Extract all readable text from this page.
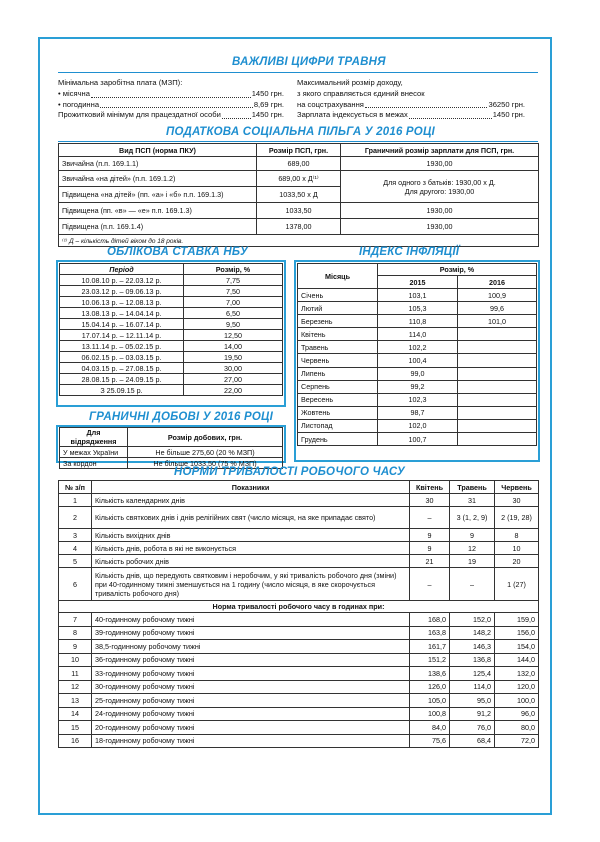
ВАЖЛИВІ ЦИФРИ ТРАВНЯ
Мінімальна заробітна плата (МЗП):
• місячна	1450 грн.
• погодинна	8,69 грн.
Прожитковий мінімум для працездатної особи	1450 грн.
Максимальний розмір доходу,
з якого справляється єдиний внесок
на соцстрахування	36250 грн.
Зарплата індексується в межах	1450 грн.
ПОДАТКОВА СОЦІАЛЬНА ПІЛЬГА У 2016 РОЦІ
Вид ПСП (норма ПКУ)	Розмір ПСП, грн.	Граничний розмір зарплати для ПСП, грн.
Звичайна (п.п. 169.1.1)	689,00	1930,00
Звичайна «на дітей» (п.п. 169.1.2)	689,00 x Д⁽¹⁾	Для одного з батьків: 1930,00 x Д.
Для другого: 1930,00

Підвищена «на дітей» (пп. «а» і «б» п.п. 169.1.3)	1033,50 x Д	
Підвищена (пп. «в» — «е» п.п. 169.1.3)	1033,50	1930,00
Підвищена (п.п. 169.1.4)	1378,00	1930,00
⁽¹⁾ Д – кількість дітей віком до 18 років.		
ОБЛІКОВА СТАВКА НБУ
Період	Розмір, %
10.08.10 р. – 22.03.12 р.	7,75
23.03.12 р. – 09.06.13 р.	7,50
10.06.13 р. – 12.08.13 р.	7,00
13.08.13 р. – 14.04.14 р.	6,50
15.04.14 р. – 16.07.14 р.	9,50
17.07.14 р. – 12.11.14 р.	12,50
13.11.14 р. – 05.02.15 р.	14,00
06.02.15 р. – 03.03.15 р.	19,50
04.03.15 р. – 27.08.15 р.	30,00
28.08.15 р. – 24.09.15 р.	27,00
З 25.09.15 р.	22,00
ГРАНИЧНІ ДОБОВІ У 2016 РОЦІ
Для відрядження	Розмір добових, грн.
У межах України	Не більше 275,60 (20 % МЗП)
За кордон	Не більше 1033,50 (75 % МЗП)
ІНДЕКС ІНФЛЯЦІЇ
Місяць	Розмір, %	
	2015	2016
Січень	103,1	100,9
Лютий	105,3	99,6
Березень	110,8	101,0
Квітень	114,0	
Травень	102,2	
Червень	100,4	
Липень	99,0	
Серпень	99,2	
Вересень	102,3	
Жовтень	98,7	
Листопад	102,0	
Грудень	100,7	
НОРМИ ТРИВАЛОСТІ РОБОЧОГО ЧАСУ
№ з/п	Показники	Квітень	Травень	Червень
1	Кількість календарних днів	30	31	30
2	Кількість святкових днів і днів релігійних свят (число місяця, на яке припадає свято)	–	3 (1, 2, 9)	2 (19, 28)
3	Кількість вихідних днів	9	9	8
4	Кількість днів, робота в які не виконується	9	12	10
5	Кількість робочих днів	21	19	20
6	Кількість днів, що передують святковим і неробочим, у які тривалість робочого дня (зміни) при 40-годинному тижні зменшується на 1 годину (число місяця, в яке скорочується тривалість робочого дня)	–	–	1 (27)
Норма тривалості робочого часу в годинах при:				
7	40-годинному робочому тижні	168,0	152,0	159,0
8	39-годинному робочому тижні	163,8	148,2	156,0
9	38,5-годинному робочому тижні	161,7	146,3	154,0
10	36-годинному робочому тижні	151,2	136,8	144,0
11	33-годинному робочому тижні	138,6	125,4	132,0
12	30-годинному робочому тижні	126,0	114,0	120,0
13	25-годинному робочому тижні	105,0	95,0	100,0
14	24-годинному робочому тижні	100,8	91,2	96,0
15	20-годинному робочому тижні	84,0	76,0	80,0
16	18-годинному робочому тижні	75,6	68,4	72,0
